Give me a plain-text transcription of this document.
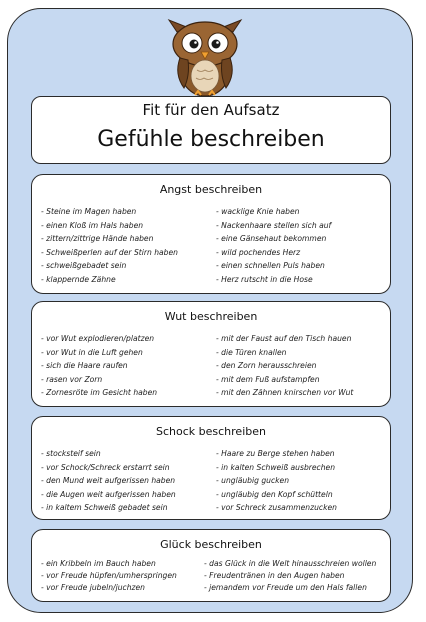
Fit für den Aufsatz
Gefühle beschreiben
Angst beschreiben
- Steine im Magen haben
- einen Kloß im Hals haben
- zittern/zittrige Hände haben
- Schweißperlen auf der Stirn haben
- schweißgebadet sein
- klappernde Zähne
- wacklige Knie haben
- Nackenhaare stellen sich auf
- eine Gänsehaut bekommen
- wild pochendes Herz
- einen schnellen Puls haben
- Herz rutscht in die Hose
Wut beschreiben
- vor Wut explodieren/platzen
- vor Wut in die Luft gehen
- sich die Haare raufen
- rasen vor Zorn
- Zornesröte im Gesicht haben
- mit der Faust auf den Tisch hauen
- die Türen knallen
- den Zorn herausschreien
- mit dem Fuß aufstampfen
- mit den Zähnen knirschen vor Wut
Schock beschreiben
- stocksteif sein
- vor Schock/Schreck erstarrt sein
- den Mund weit aufgerissen haben
- die Augen weit aufgerissen haben
- in kaltem Schweiß gebadet sein
- Haare zu Berge stehen haben
- in kalten Schweiß ausbrechen
- ungläubig gucken
- ungläubig den Kopf schütteln
- vor Schreck zusammenzucken
Glück beschreiben
- ein Kribbeln im Bauch haben
- vor Freude hüpfen/umherspringen
- vor Freude jubeln/juchzen
- das Glück in die Welt hinausschreien wollen
- Freudentränen in den Augen haben
- jemandem vor Freude um den Hals fallen
